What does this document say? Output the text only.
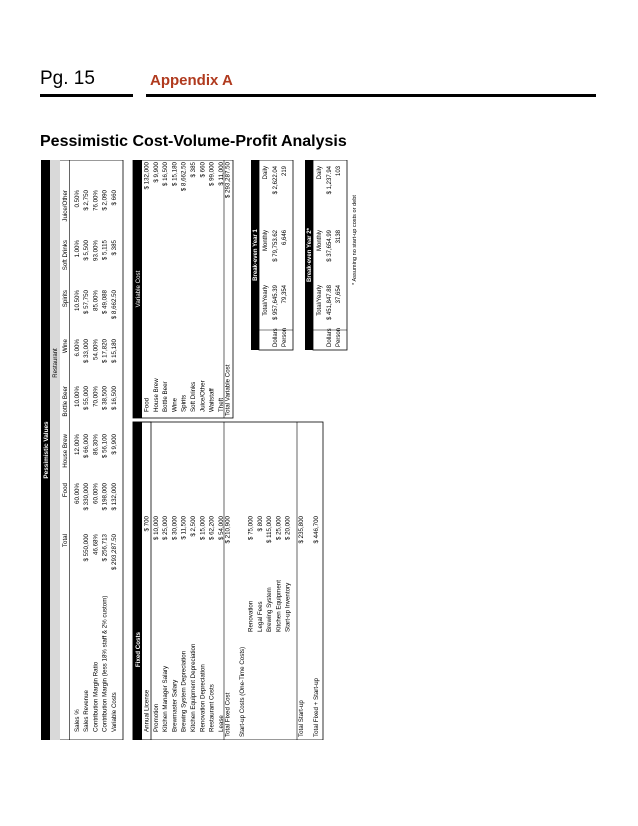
Pg. 15	Appendix A
Pessimistic Cost-Volume-Profit Analysis
Pessimistic Values
Restaurant
Total
Food
House Brew
Bottle Beer
Wine
Spirits
Soft Drinks
Juice/Other
Sales %
60.00%
12.00%
10.00%
6.00%
10.50%
1.00%
0.50%
Sales Revenue
$ 550,000
$ 330,000
$ 66,000
$ 55,000
$ 33,000
$ 57,750
$ 5,500
$ 2,750
Contribution Margin Ratio
46.68%
60.00%
86.30%
70.00%
54.00%
85.00%
93.00%
76.00%
Contribution Margin (less 18% staff & 2% custom)
$ 256,713
$ 198,000
$ 56,100
$ 38,500
$ 17,820
$ 49,088
$ 5,115
$ 2,090
Variable Costs
$ 293,287.50
$ 132,000
$ 9,900
$ 16,500
$ 15,180
$ 8,662.50
$ 385
$ 660
Fixed Costs
Annual License
$ 700
Promotion
$ 10,000
Kitchen Manager Salary
$ 25,000
Brewmaster Salary
$ 30,000
Brewing System Depreciation
$ 11,500
Kitchen Equipment Depreciation
$ 2,500
Renovation Depreciation
$ 15,000
Restaurant Costs
$ 62,200
Lease
$ 54,000
Total Fixed Cost
$ 210,900
Start-up Costs (One-Time Costs)
Renovation
$ 75,000
Legal Fees
$ 800
Brewing System
$ 115,000
Kitchen Equipment
$ 25,000
Start-up Inventory
$ 20,000
Total Start-up
$ 235,800
Total Fixed + Start-up
$ 446,700
Variable Cost
Food
$ 132,000
House Brew
$ 9,900
Bottle Beer
$ 16,500
Wine
$ 15,180
Spirits
$ 8,662.50
Soft Drinks
$ 385
Juice/Other
$ 660
Waitstaff
$ 99,000
Theft
$ 11,000
Total Variable Cost
$ 293,287.50
Break-even Year 1
Total/Yearly
Monthly
Daily
Dollars
$ 957,645.39
$ 79,753.62
$ 2,622.04
Person
79,354
6,646
219
Break-even Year 2*
Total/Yearly
Monthly
Daily
Dollars
$ 451,847.88
$ 37,654.99
$ 1,237.94
Person
37,654
3138
103
* Assuming no start-up costs or debt
